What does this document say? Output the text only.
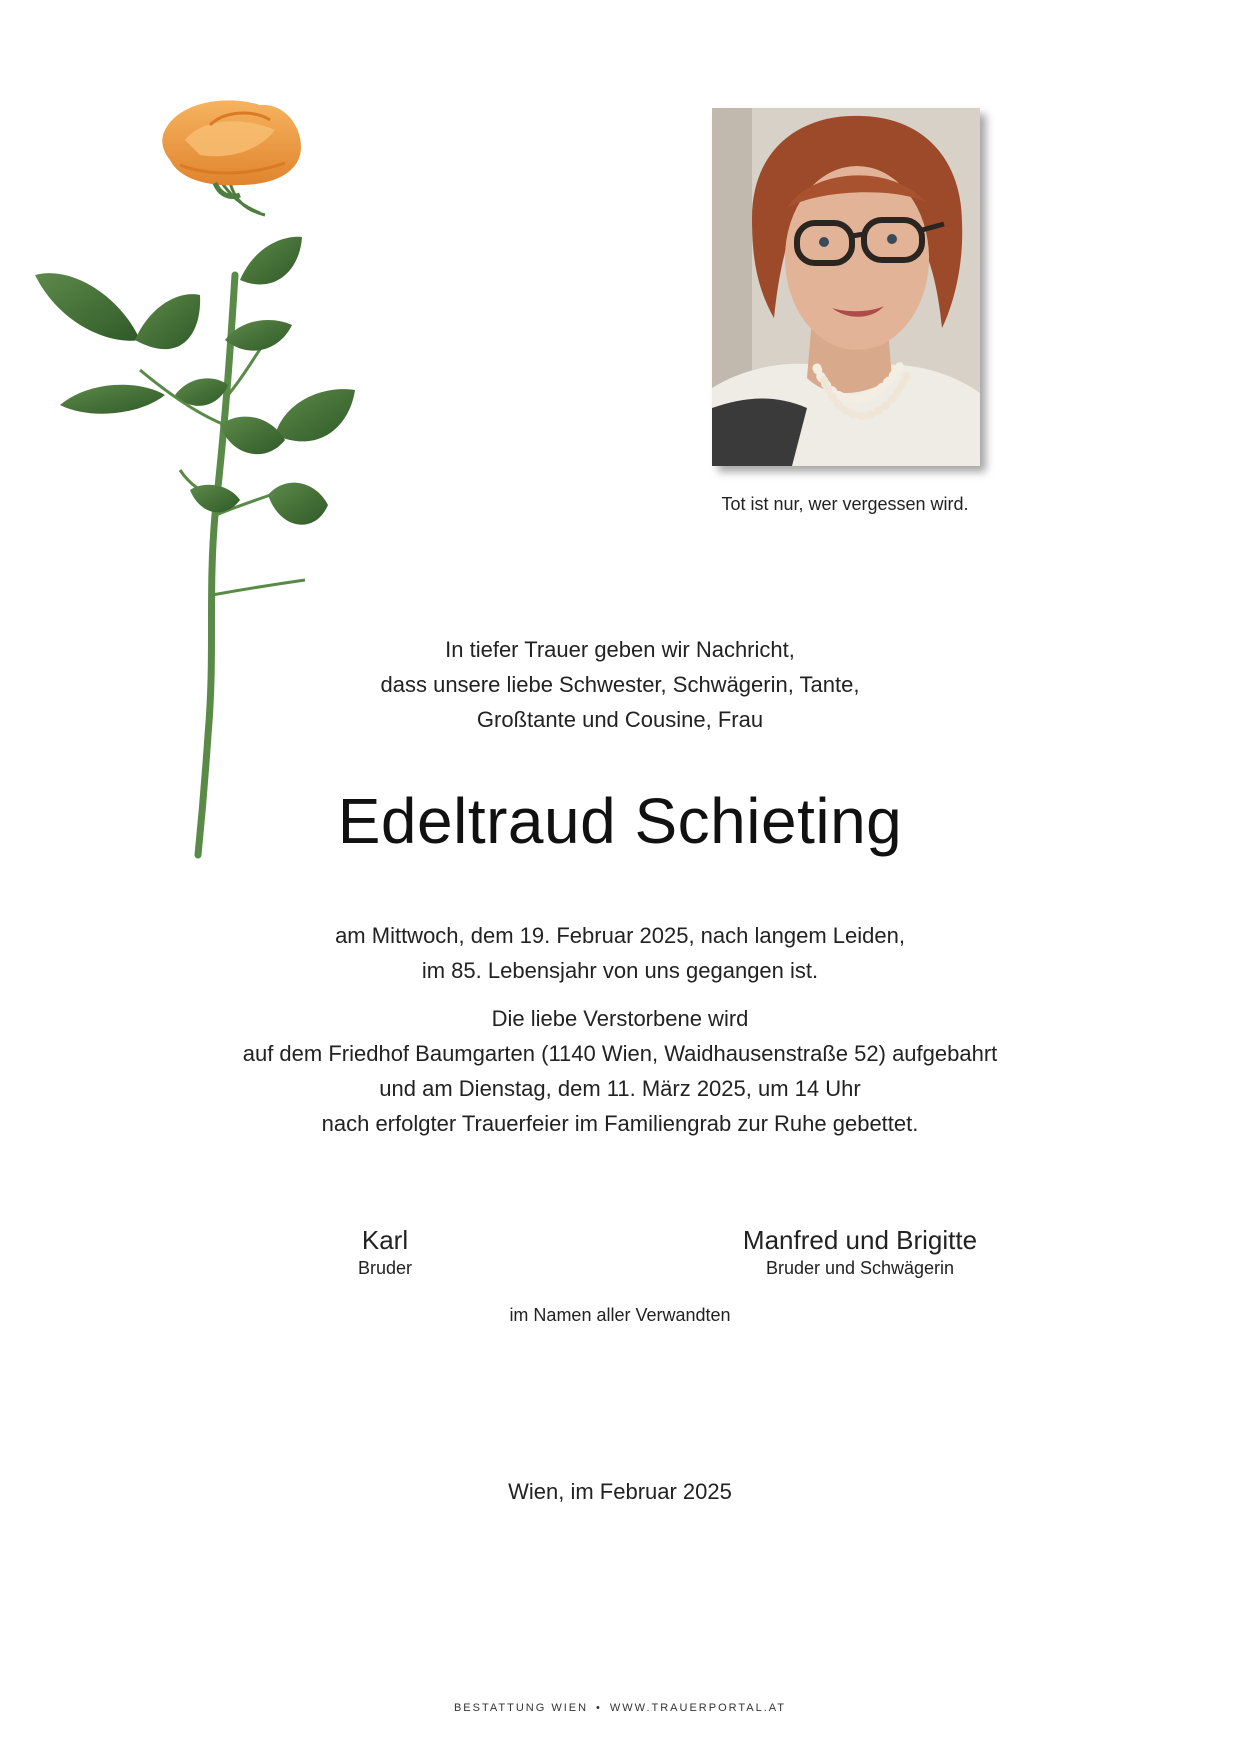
Tot ist nur, wer vergessen wird.
In tiefer Trauer geben wir Nachricht,
dass unsere liebe Schwester, Schwägerin, Tante,
Großtante und Cousine, Frau
Edeltraud Schieting
am Mittwoch, dem 19. Februar 2025, nach langem Leiden,
im 85. Lebensjahr von uns gegangen ist.
Die liebe Verstorbene wird
auf dem Friedhof Baumgarten (1140 Wien, Waidhausenstraße 52) aufgebahrt
und am Dienstag, dem 11. März 2025, um 14 Uhr
nach erfolgter Trauerfeier im Familiengrab zur Ruhe gebettet.
Karl
Bruder
Manfred und Brigitte
Bruder und Schwägerin
im Namen aller Verwandten
Wien, im Februar 2025
BESTATTUNG WIEN • WWW.TRAUERPORTAL.AT
